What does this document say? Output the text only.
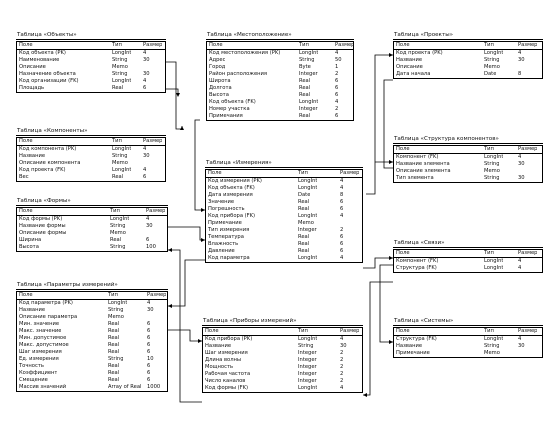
Таблица «Объекты»
Поле	Тип	Размер
Код объекта (PK)	LongInt 4
Наименование	String	30
Описание	Memo
Назначение объекта	String	30
Код организации (FK)	LongInt 4
Площадь	Real	6
Таблица «Местоположение»
Поле	Тип	Размер
Код местоположения (PK)	LongInt	4
Адрес	String	50
Город	Byte	1
Район расположения	Integer	2
Широта	Real	6
Долгота	Real	6
Высота	Real	6
Код объекта (FK)	LongInt	4
Номер участка	Integer	2
Примечания	Real	6
Таблица «Проекты»
Поле	Тип	Размер
Код проекта (PK)	LongInt	4
Название	String	30
Описание	Memo
Дата начала	Date	8
Таблица «Компоненты»
Поле	Тип	Размер
Код компонента (PK)	LongInt 4
Название	String	30
Описание компонента	Memo
Код проекта (FK)	LongInt 4
Вес	Real	6
Таблица «Измерения»
Поле	Тип	Размер
Код измерения (PK)	LongInt	4
Код объекта (FK)	LongInt	4
Дата измерения	Date	8
Значение	Real	6
Погрешность	Real	6
Код прибора (FK)	LongInt	4
Примечание	Memo
Тип измерения	Integer	2
Температура	Real	6
Влажность	Real	6
Давление	Real	6
Код параметра	LongInt	4
Таблица «Структура компонентов»
Поле	Тип	Размер
Компонент (FK)	LongInt	4
Название элемента	String	30
Описание элемента	Memo
Тип элемента	String	30
Таблица «Формы»
Поле	Тип	Размер
Код формы (PK)	LongInt	4
Название формы	String	30
Описание формы	Memo
Ширина	Real	6
Высота	String	100
Таблица «Связи»
Поле	Тип	Размер
Компонент (FK)	LongInt	4
Структура (FK)	LongInt	4
Таблица «Параметры измерений»
Поле	Тип	Размер
Код параметра (PK)	LongInt	4
Название	String	30
Описание параметра	Memo
Мин. значение	Real	6
Макс. значение	Real	6
Мин. допустимое	Real	6
Макс. допустимое	Real	6
Шаг измерения	Real	6
Ед. измерения	String	10
Точность	Real	6
Коэффициент	Real	6
Смещение	Real	6
Массив значений	Array of Real 1000
Таблица «Приборы измерений»
Поле	Тип	Размер
Код прибора (PK)	LongInt	4
Название	String	30
Шаг измерения	Integer	2
Длина волны	Integer	2
Мощность	Integer	2
Рабочая частота	Integer	2
Число каналов	Integer	2
Код формы (FK)	LongInt	4
Таблица «Системы»
Поле	Тип	Размер
Структура (FK)	LongInt	4
Название	String	30
Примечание	Memo
